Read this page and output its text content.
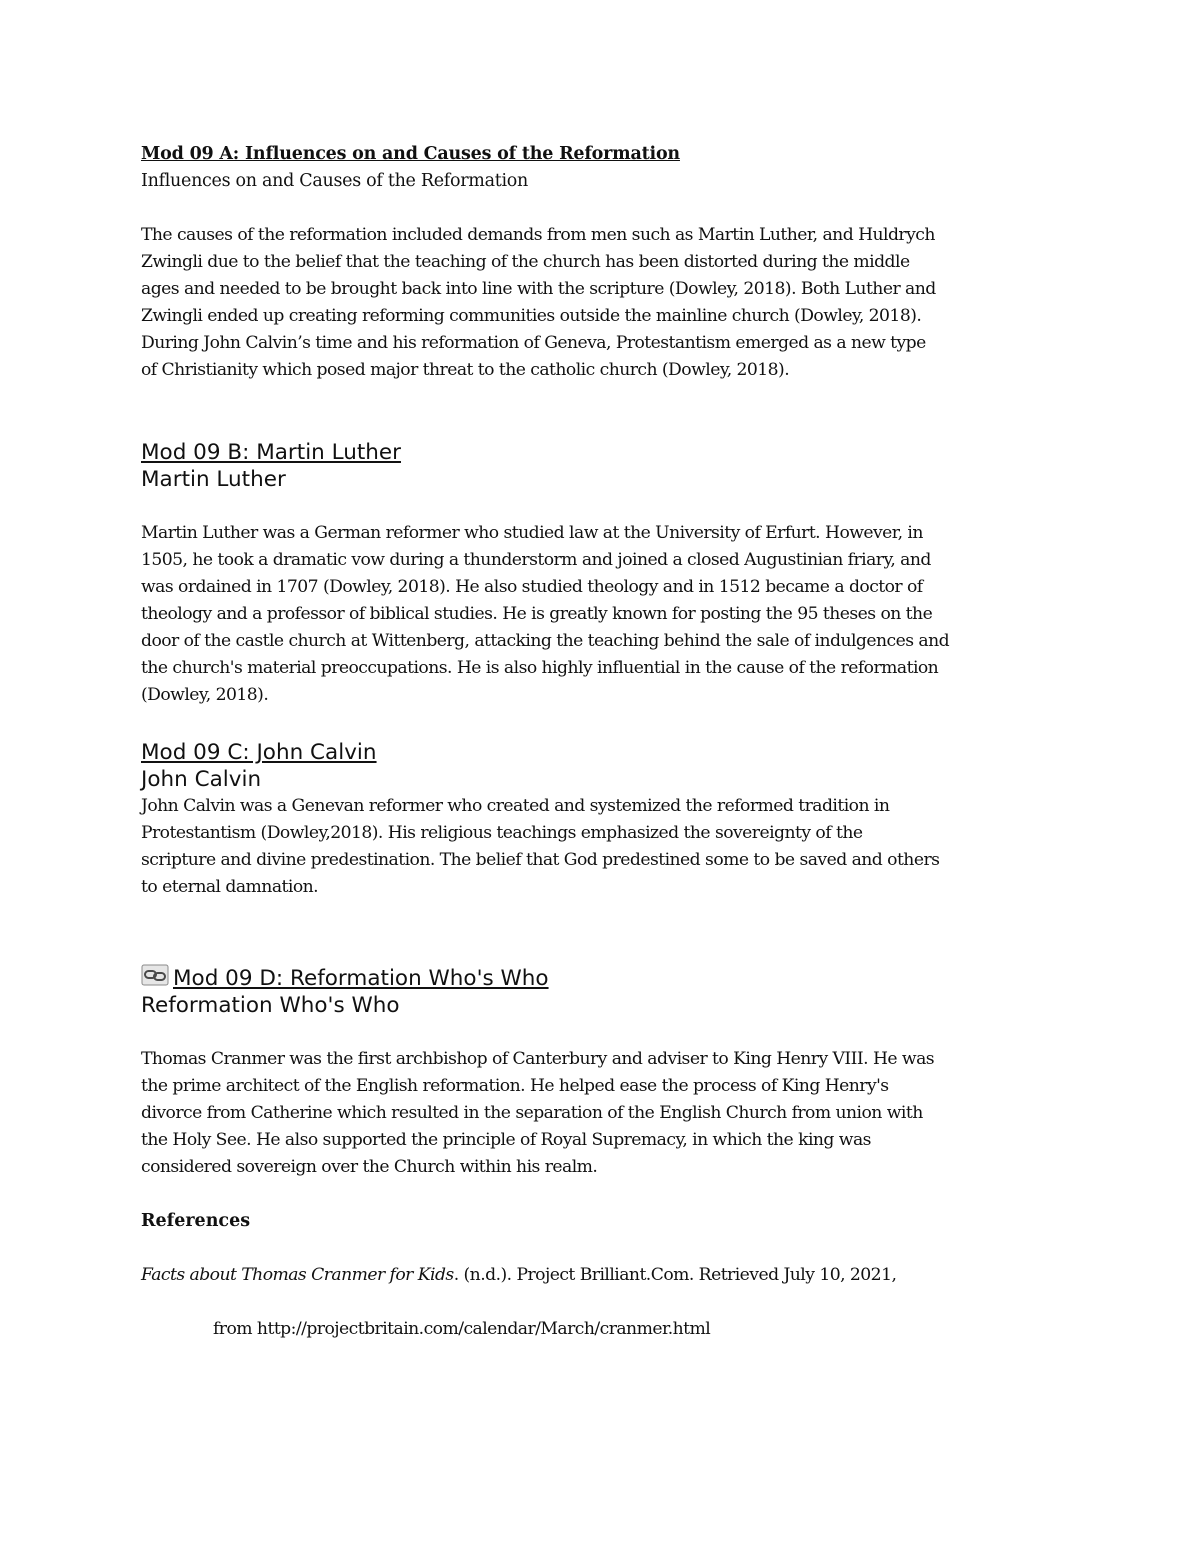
Mod 09 A: Influences on and Causes of the Reformation
Influences on and Causes of the Reformation
The causes of the reformation included demands from men such as Martin Luther, and Huldrych
Zwingli due to the belief that the teaching of the church has been distorted during the middle
ages and needed to be brought back into line with the scripture (Dowley, 2018). Both Luther and
Zwingli ended up creating reforming communities outside the mainline church (Dowley, 2018).
During John Calvin’s time and his reformation of Geneva, Protestantism emerged as a new type
of Christianity which posed major threat to the catholic church (Dowley, 2018).
Mod 09 B: Martin Luther
Martin Luther
Martin Luther was a German reformer who studied law at the University of Erfurt. However, in
1505, he took a dramatic vow during a thunderstorm and joined a closed Augustinian friary, and
was ordained in 1707 (Dowley, 2018). He also studied theology and in 1512 became a doctor of
theology and a professor of biblical studies. He is greatly known for posting the 95 theses on the
door of the castle church at Wittenberg, attacking the teaching behind the sale of indulgences and
the church's material preoccupations. He is also highly influential in the cause of the reformation
(Dowley, 2018).
Mod 09 C: John Calvin
John Calvin
John Calvin was a Genevan reformer who created and systemized the reformed tradition in
Protestantism (Dowley,2018). His religious teachings emphasized the sovereignty of the
scripture and divine predestination. The belief that God predestined some to be saved and others
to eternal damnation.
Mod 09 D: Reformation Who's Who
Reformation Who's Who
Thomas Cranmer was the first archbishop of Canterbury and adviser to King Henry VIII. He was
the prime architect of the English reformation. He helped ease the process of King Henry's
divorce from Catherine which resulted in the separation of the English Church from union with
the Holy See. He also supported the principle of Royal Supremacy, in which the king was
considered sovereign over the Church within his realm.
References
Facts about Thomas Cranmer for Kids. (n.d.). Project Brilliant.Com. Retrieved July 10, 2021,
from http://projectbritain.com/calendar/March/cranmer.html
